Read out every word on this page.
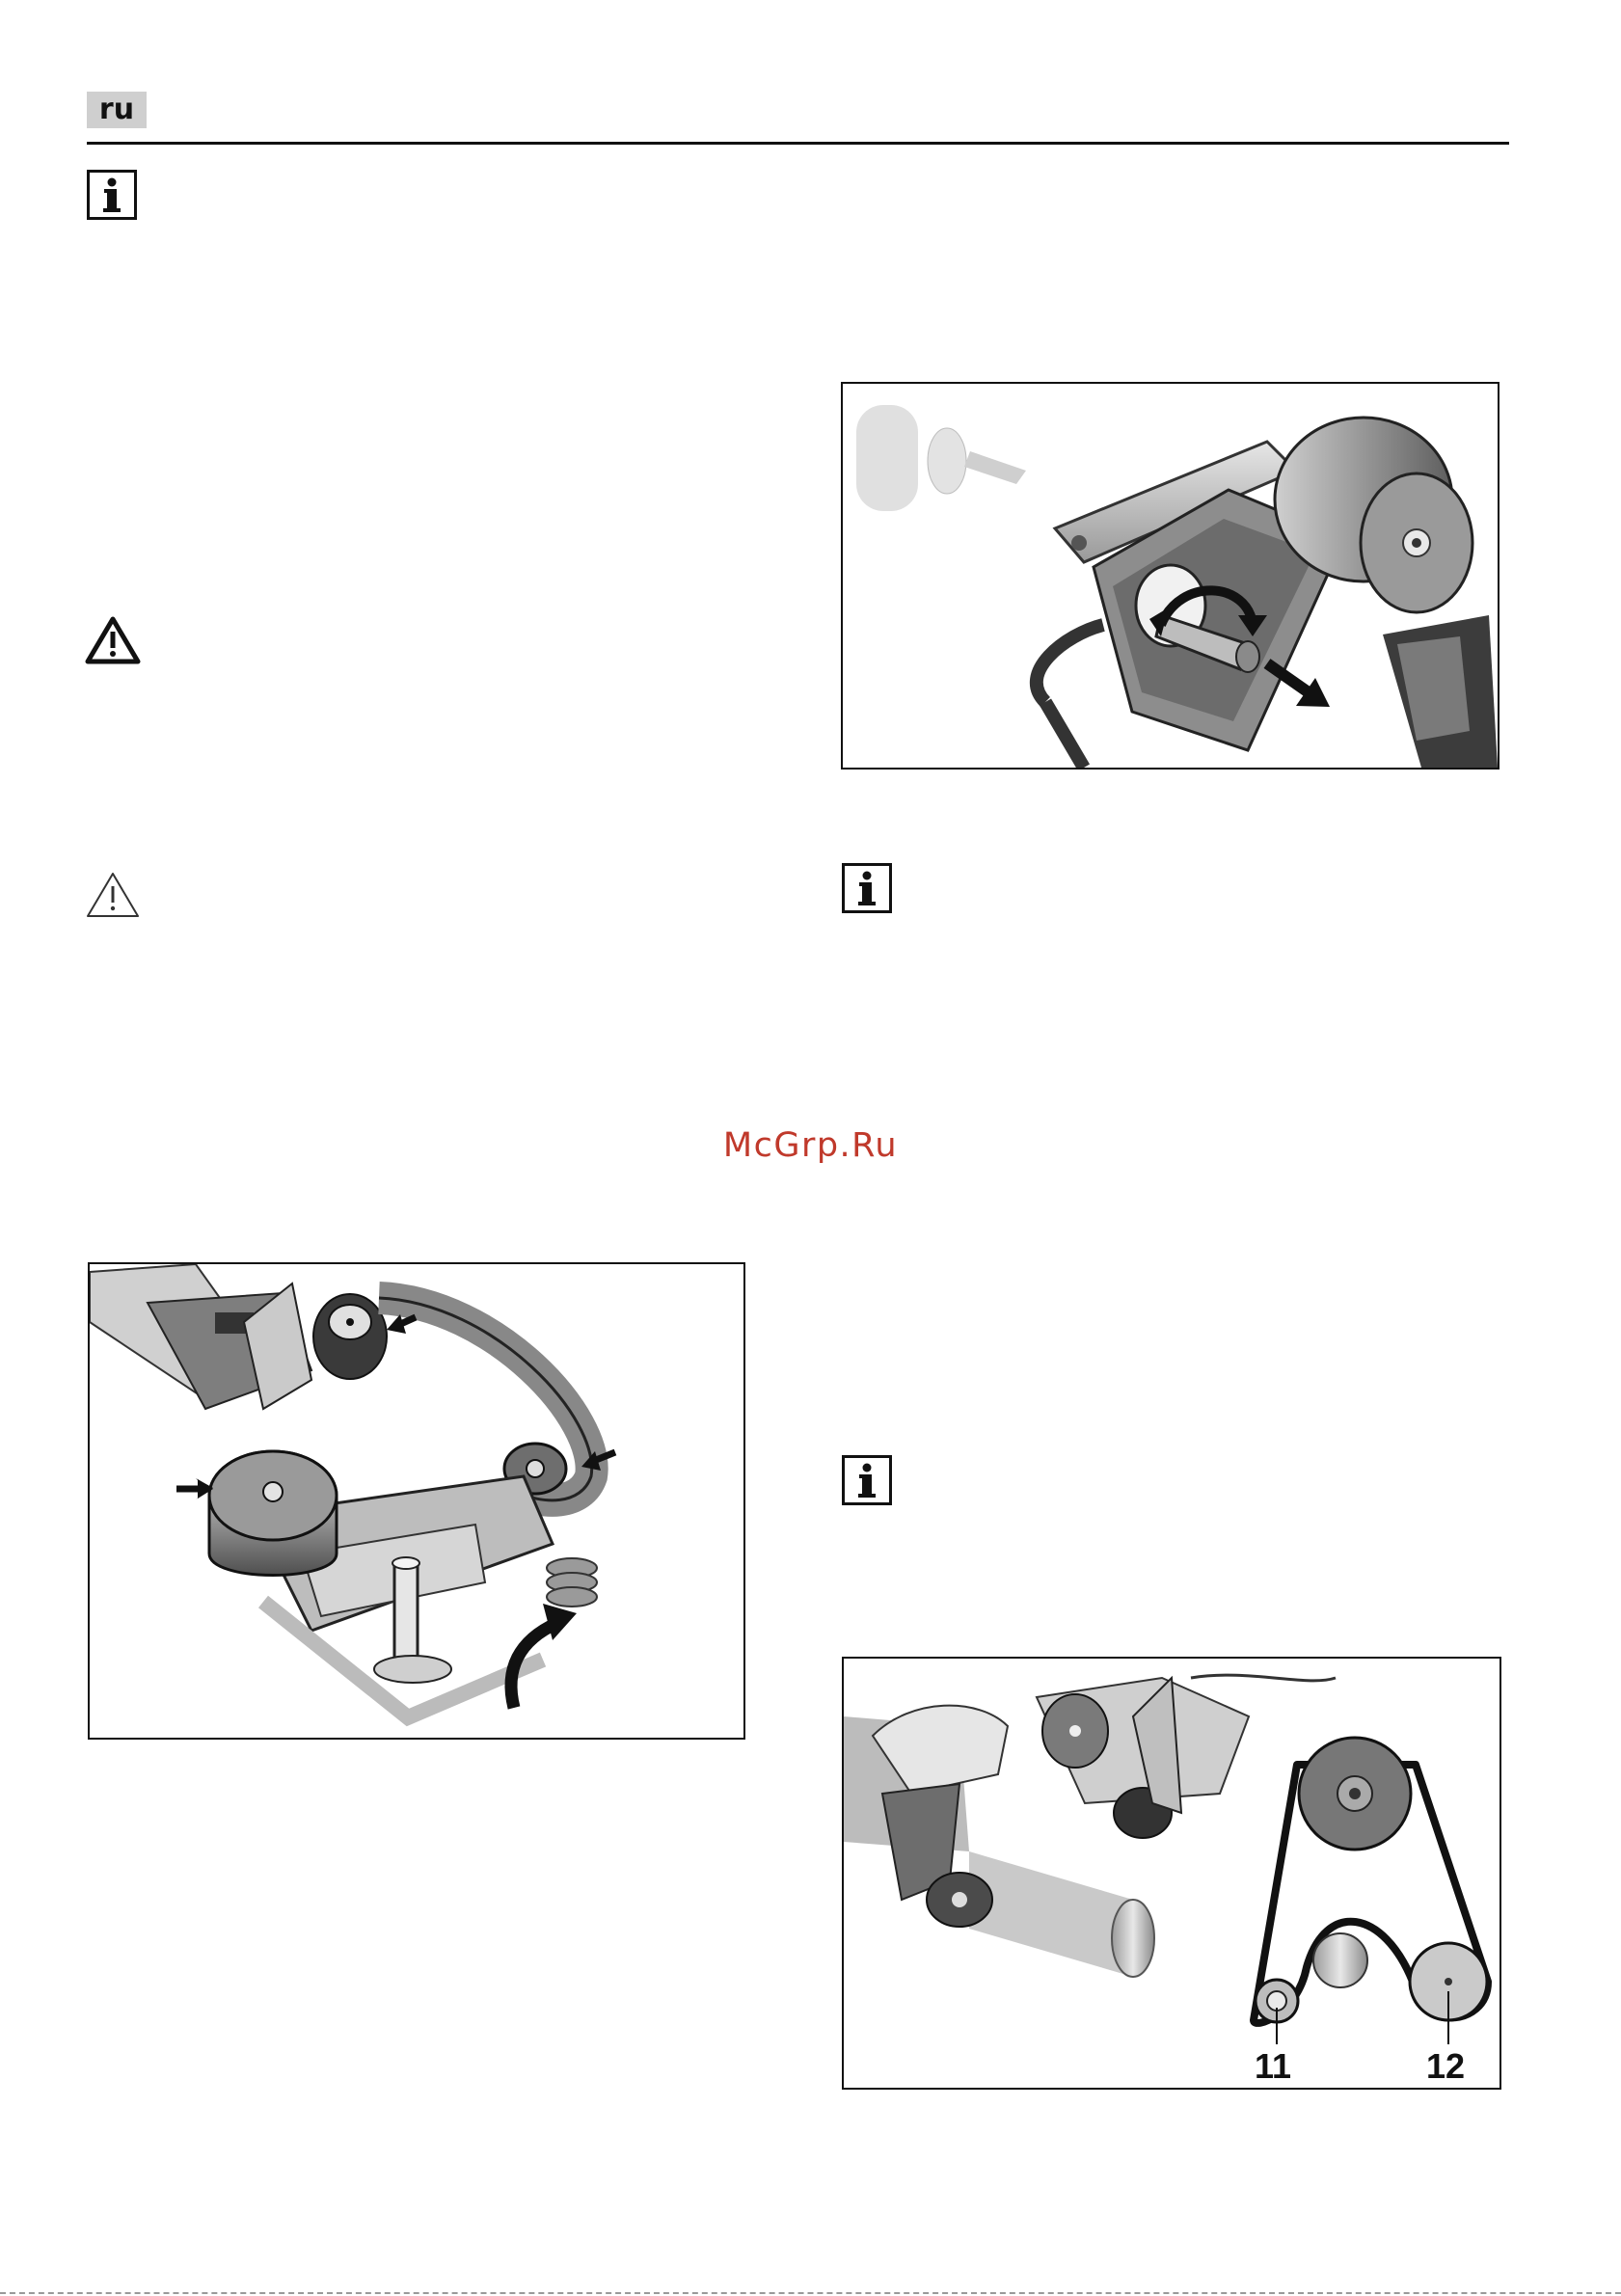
ru
McGrp.Ru
11	12
